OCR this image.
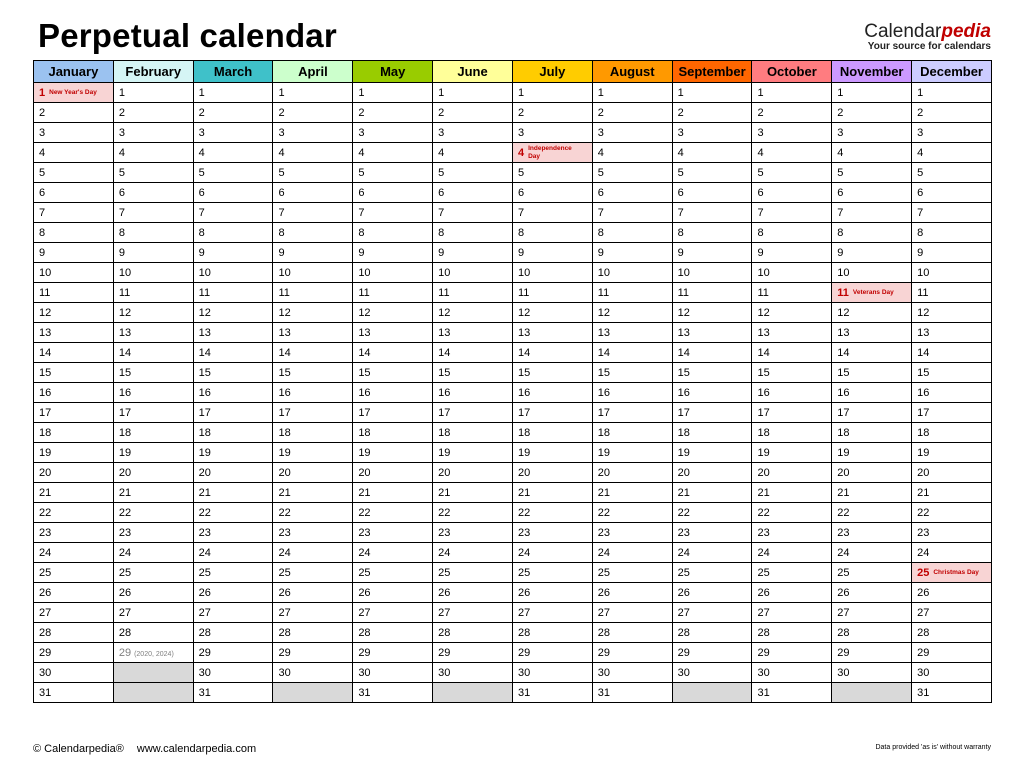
Perpetual calendar	Calendarpedia
Your source for calendars
January	February	March	April	May	June	July	August	September	October	November	December
1 New Year's Day	1	1	1	1	1	1	1	1	1	1	1
2	2	2	2	2	2	2	2	2	2	2	2
3	3	3	3	3	3	3	3	3	3	3	3
4	4	4	4	4	4	4 Independence Day	4	4	4	4	4
5	5	5	5	5	5	5	5	5	5	5	5
6	6	6	6	6	6	6	6	6	6	6	6
7	7	7	7	7	7	7	7	7	7	7	7
8	8	8	8	8	8	8	8	8	8	8	8
9	9	9	9	9	9	9	9	9	9	9	9
10	10	10	10	10	10	10	10	10	10	10	10
11	11	11	11	11	11	11	11	11	11	11 Veterans Day	11
12	12	12	12	12	12	12	12	12	12	12	12
13	13	13	13	13	13	13	13	13	13	13	13
14	14	14	14	14	14	14	14	14	14	14	14
15	15	15	15	15	15	15	15	15	15	15	15
16	16	16	16	16	16	16	16	16	16	16	16
17	17	17	17	17	17	17	17	17	17	17	17
18	18	18	18	18	18	18	18	18	18	18	18
19	19	19	19	19	19	19	19	19	19	19	19
20	20	20	20	20	20	20	20	20	20	20	20
21	21	21	21	21	21	21	21	21	21	21	21
22	22	22	22	22	22	22	22	22	22	22	22
23	23	23	23	23	23	23	23	23	23	23	23
24	24	24	24	24	24	24	24	24	24	24	24
25	25	25	25	25	25	25	25	25	25	25	25 Christmas Day
26	26	26	26	26	26	26	26	26	26	26	26
27	27	27	27	27	27	27	27	27	27	27	27
28	28	28	28	28	28	28	28	28	28	28	28
29	29 (2020, 2024)	29	29	29	29	29	29	29	29	29	29
30		30	30	30	30	30	30	30	30	30	30
31		31		31		31	31		31		31
© Calendarpedia® www.calendarpedia.com	Data provided 'as is' without warranty
